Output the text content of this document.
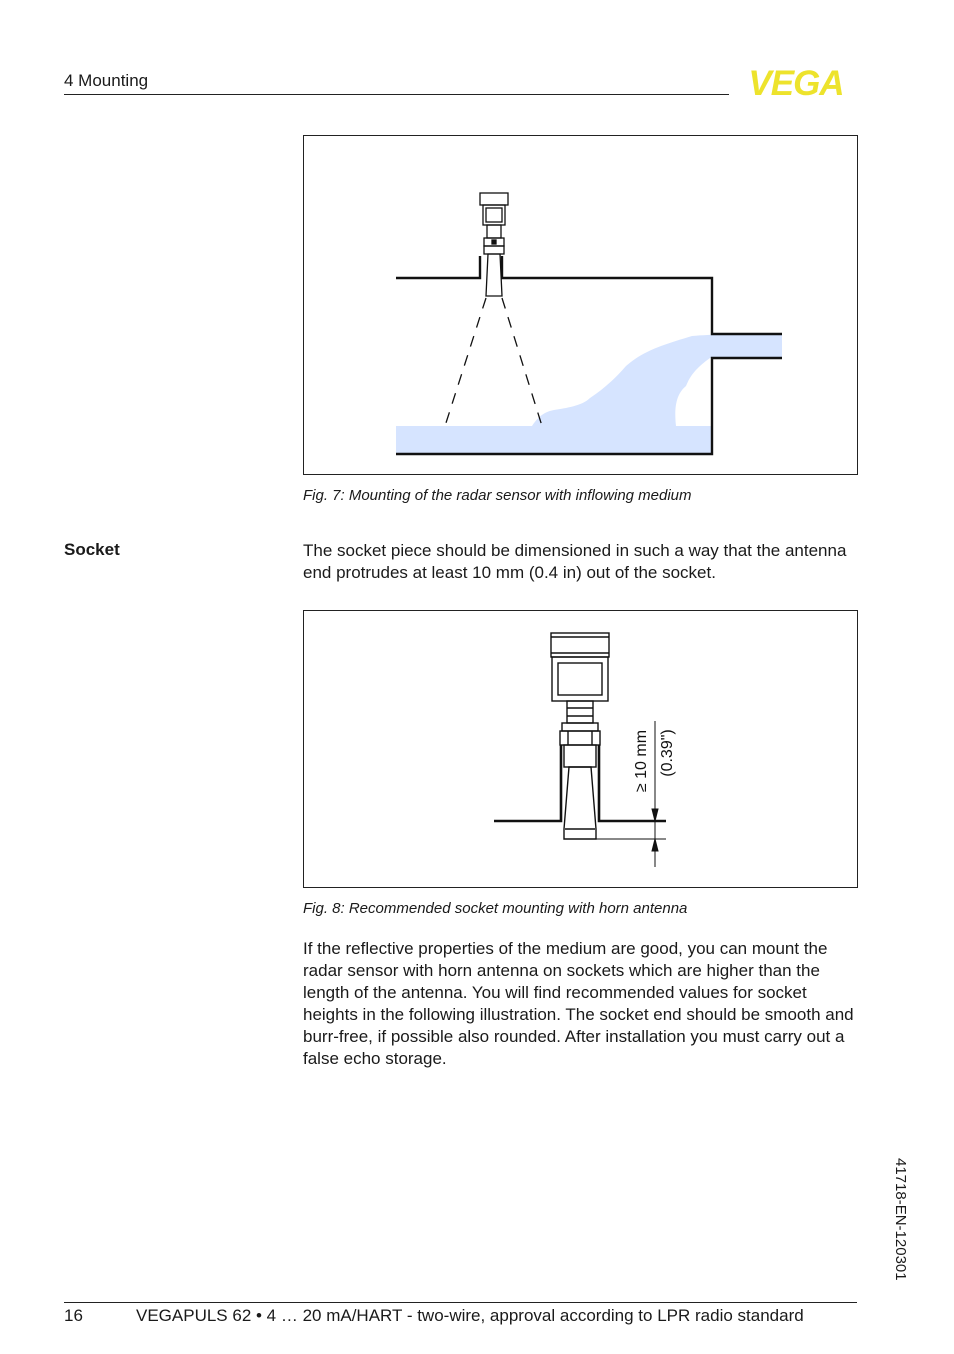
4 Mounting	VEGA
Fig. 7: Mounting of the radar sensor with inflowing medium
Socket	The socket piece should be dimensioned in such a way that the antenna end protrudes at least 10 mm (0.4 in) out of the socket.
≥ 10 mm (0.39")
Fig. 8: Recommended socket mounting with horn antenna
If the reflective properties of the medium are good, you can mount the radar sensor with horn antenna on sockets which are higher than the length of the antenna. You will find recommended values for socket heights in the following illustration. The socket end should be smooth and burr-free, if possible also rounded. After installation you must carry out a false echo storage.
41718-EN-120301
16	VEGAPULS 62 • 4 … 20 mA/HART - two-wire, approval according to LPR radio standard
